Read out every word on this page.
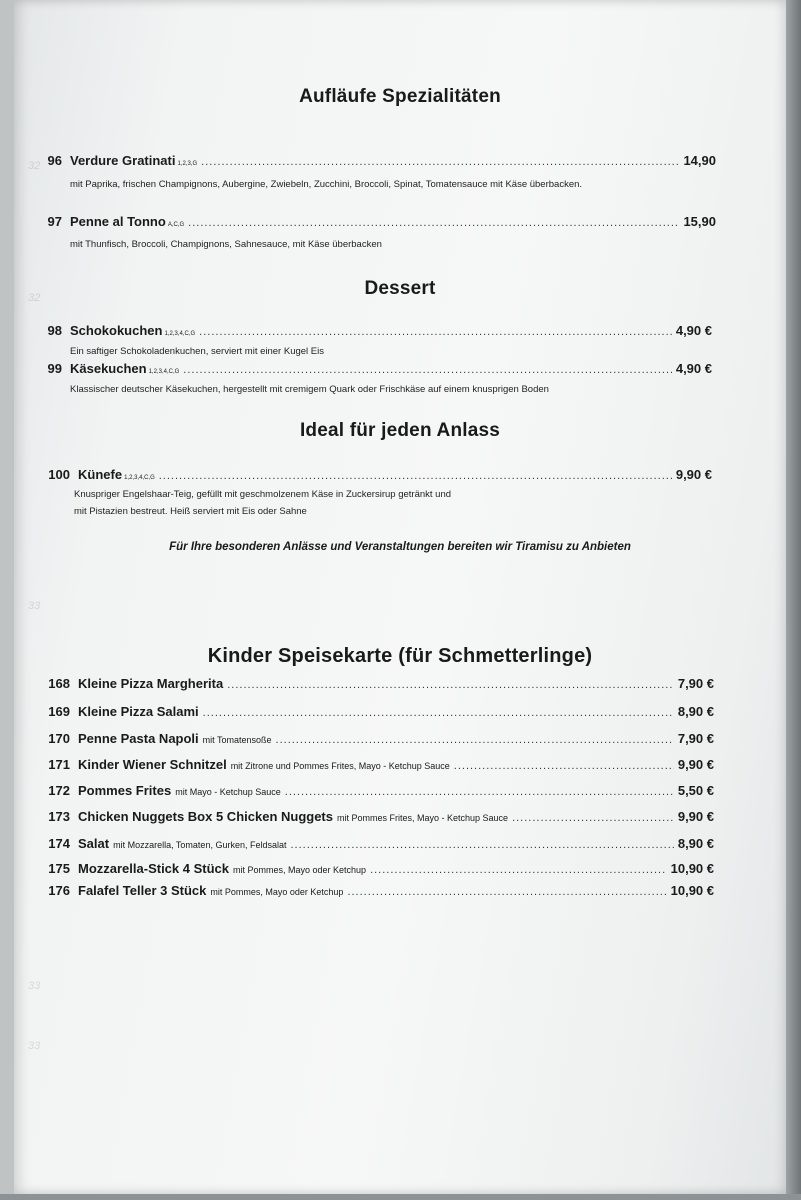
32
32
33
33
33
Aufläufe Spezialitäten
96 Verdure Gratinati 1,2,3,G .....	14,90
mit Paprika, frischen Champignons, Aubergine, Zwiebeln, Zucchini, Broccoli, Spinat, Tomatensauce mit Käse überbacken.
97 Penne al Tonno A,C,G .....	15,90
mit Thunfisch, Broccoli, Champignons, Sahnesauce, mit Käse überbacken
Dessert
98 Schokokuchen 1,2,3,4,C,G .....	4,90 €
Ein saftiger Schokoladenkuchen, serviert mit einer Kugel Eis
99 Käsekuchen 1,2,3,4,C,G .....	4,90 €
Klassischer deutscher Käsekuchen, hergestellt mit cremigem Quark oder Frischkäse auf einem knusprigen Boden
Ideal für jeden Anlass
100 Künefe 1,2,3,4,C,G .....	9,90 €
Knuspriger Engelshaar-Teig, gefüllt mit geschmolzenem Käse in Zuckersirup getränkt und
mit Pistazien bestreut. Heiß serviert mit Eis oder Sahne
Für Ihre besonderen Anlässe und Veranstaltungen bereiten wir Tiramisu zu Anbieten
Kinder Speisekarte (für Schmetterlinge)
168 Kleine Pizza Margherita .....	7,90 €
169 Kleine Pizza Salami .....	8,90 €
170 Penne Pasta Napoli mit Tomatensoße .....	7,90 €
171 Kinder Wiener Schnitzel mit Zitrone und Pommes Frites, Mayo - Ketchup Sauce .....	9,90 €
172 Pommes Frites mit Mayo - Ketchup Sauce .....	5,50 €
173 Chicken Nuggets Box 5 Chicken Nuggets mit Pommes Frites, Mayo - Ketchup Sauce .....	9,90 €
174 Salat mit Mozzarella, Tomaten, Gurken, Feldsalat .....	8,90 €
175 Mozzarella-Stick 4 Stück mit Pommes, Mayo oder Ketchup .....	10,90 €
176 Falafel Teller 3 Stück mit Pommes, Mayo oder Ketchup .....	10,90 €
